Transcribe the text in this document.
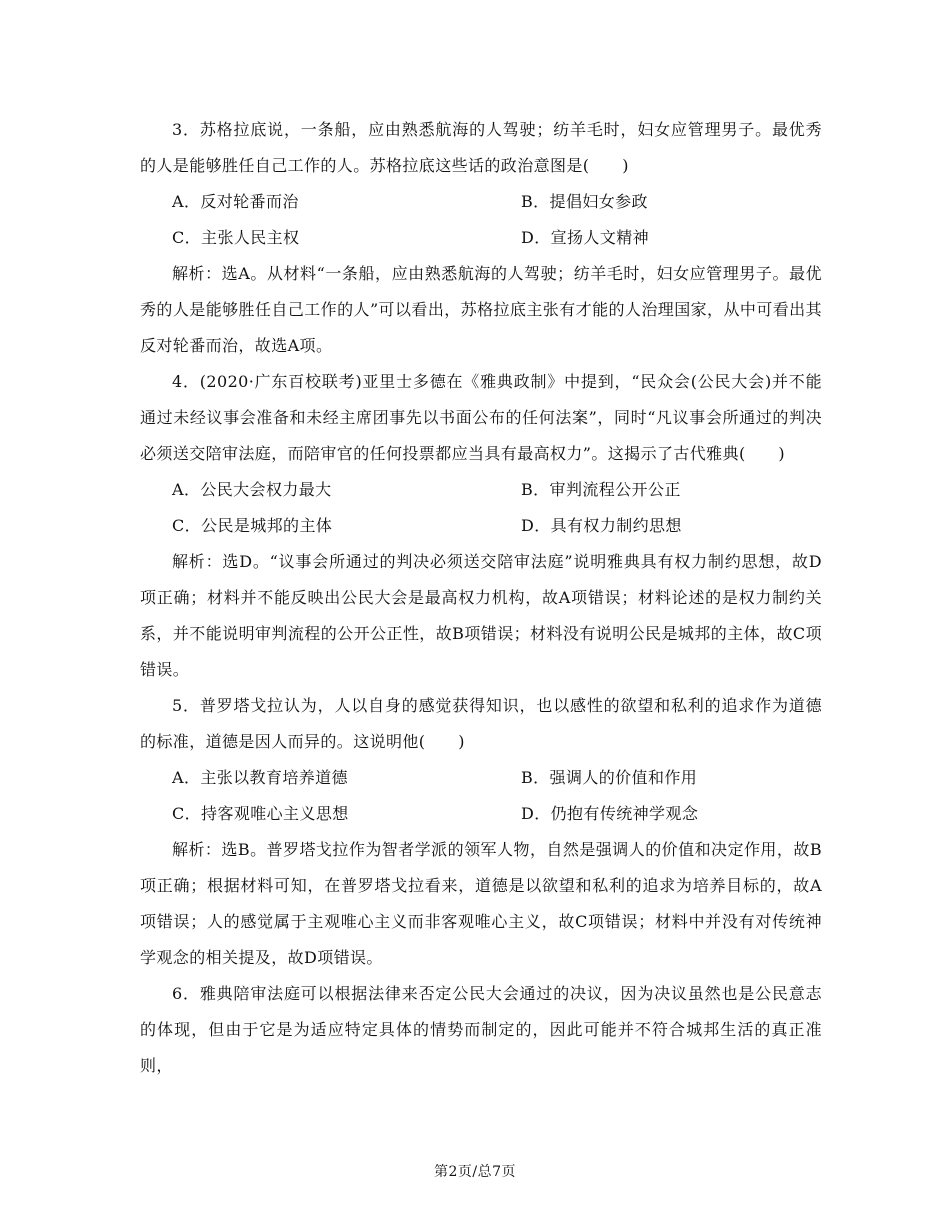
3．苏格拉底说，一条船，应由熟悉航海的人驾驶；纺羊毛时，妇女应管理男子。最优秀的人是能够胜任自己工作的人。苏格拉底这些话的政治意图是(　　)

A．反对轮番而治	B．提倡妇女参政
C．主张人民主权	D．宣扬人文精神

解析：选A。从材料“一条船，应由熟悉航海的人驾驶；纺羊毛时，妇女应管理男子。最优秀的人是能够胜任自己工作的人”可以看出，苏格拉底主张有才能的人治理国家，从中可看出其反对轮番而治，故选A项。

4．(2020·广东百校联考)亚里士多德在《雅典政制》中提到，“民众会(公民大会)并不能通过未经议事会准备和未经主席团事先以书面公布的任何法案”，同时“凡议事会所通过的判决必须送交陪审法庭，而陪审官的任何投票都应当具有最高权力”。这揭示了古代雅典(　　)

A．公民大会权力最大	B．审判流程公开公正
C．公民是城邦的主体	D．具有权力制约思想

解析：选D。“议事会所通过的判决必须送交陪审法庭”说明雅典具有权力制约思想，故D项正确；材料并不能反映出公民大会是最高权力机构，故A项错误；材料论述的是权力制约关系，并不能说明审判流程的公开公正性，故B项错误；材料没有说明公民是城邦的主体，故C项错误。

5．普罗塔戈拉认为，人以自身的感觉获得知识，也以感性的欲望和私利的追求作为道德的标准，道德是因人而异的。这说明他(　　)

A．主张以教育培养道德	B．强调人的价值和作用
C．持客观唯心主义思想	D．仍抱有传统神学观念

解析：选B。普罗塔戈拉作为智者学派的领军人物，自然是强调人的价值和决定作用，故B项正确；根据材料可知，在普罗塔戈拉看来，道德是以欲望和私利的追求为培养目标的，故A项错误；人的感觉属于主观唯心主义而非客观唯心主义，故C项错误；材料中并没有对传统神学观念的相关提及，故D项错误。

6．雅典陪审法庭可以根据法律来否定公民大会通过的决议，因为决议虽然也是公民意志的体现，但由于它是为适应特定具体的情势而制定的，因此可能并不符合城邦生活的真正准则，

第2页/总7页
